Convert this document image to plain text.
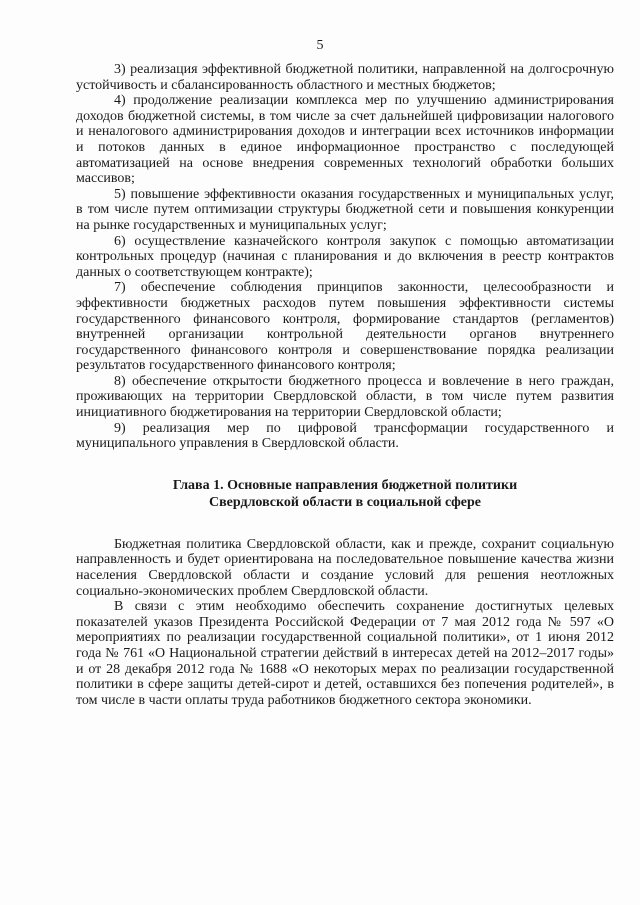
5

3) реализация эффективной бюджетной политики, направленной на долгосрочную устойчивость и сбалансированность областного и местных бюджетов;

4) продолжение реализации комплекса мер по улучшению администрирования доходов бюджетной системы, в том числе за счет дальнейшей цифровизации налогового и неналогового администрирования доходов и интеграции всех источников информации и потоков данных в единое информационное пространство с последующей автоматизацией на основе внедрения современных технологий обработки больших массивов;

5) повышение эффективности оказания государственных и муниципальных услуг, в том числе путем оптимизации структуры бюджетной сети и повышения конкуренции на рынке государственных и муниципальных услуг;

6) осуществление казначейского контроля закупок с помощью автоматизации контрольных процедур (начиная с планирования и до включения в реестр контрактов данных о соответствующем контракте);

7) обеспечение соблюдения принципов законности, целесообразности и эффективности бюджетных расходов путем повышения эффективности системы государственного финансового контроля, формирование стандартов (регламентов) внутренней организации контрольной деятельности органов внутреннего государственного финансового контроля и совершенствование порядка реализации результатов государственного финансового контроля;

8) обеспечение открытости бюджетного процесса и вовлечение в него граждан, проживающих на территории Свердловской области, в том числе путем развития инициативного бюджетирования на территории Свердловской области;

9) реализация мер по цифровой трансформации государственного и муниципального управления в Свердловской области.

Глава 1. Основные направления бюджетной политики

Свердловской области в социальной сфере

Бюджетная политика Свердловской области, как и прежде, сохранит социальную направленность и будет ориентирована на последовательное повышение качества жизни населения Свердловской области и создание условий для решения неотложных социально-экономических проблем Свердловской области.

В связи с этим необходимо обеспечить сохранение достигнутых целевых показателей указов Президента Российской Федерации от 7 мая 2012 года № 597 «О мероприятиях по реализации государственной социальной политики», от 1 июня 2012 года № 761 «О Национальной стратегии действий в интересах детей на 2012–2017 годы» и от 28 декабря 2012 года № 1688 «О некоторых мерах по реализации государственной политики в сфере защиты детей-сирот и детей, оставшихся без попечения родителей», в том числе в части оплаты труда работников бюджетного сектора экономики.
